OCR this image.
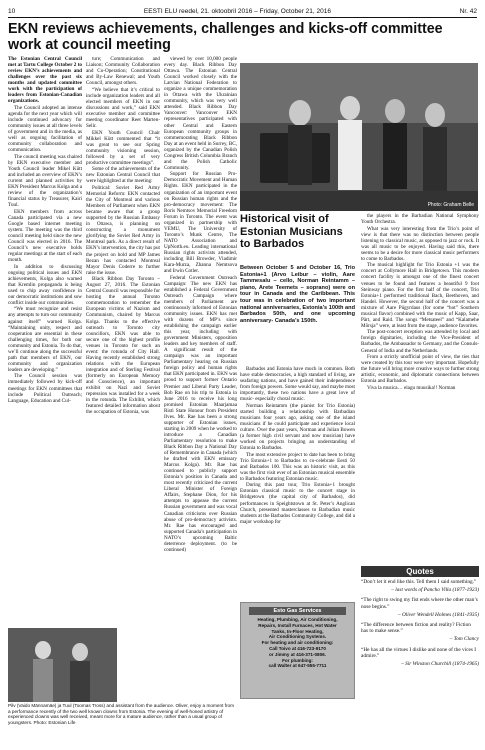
10	EESTI ELU reedel, 21. oktoobril 2016 – Friday, October 21, 2016	Nr. 42
EKN reviews achievements, challenges and kicks-off committee work at council meeting

The Estonian Central Council met at Tartu College October 2 to review EKN’s achievements and challenges over the past six months and updated committee work with the participation of leaders from Estonian-Canadian organizations.

The Council adopted an intense agenda for the next year which will include continued advocacy for community issues at all three levels of government and in the media, as well as ongoing facilitation of community collaboration and communication.

The council meeting was chaired by EKN executive member and Youth Council leader Mikel Kütt and included an overview of EKN’s current and planned activities by EKN President Marcus Kolga and a review of the organization’s financial status by Treasurer, Kairi Tuul.

EKN members from across Canada participated via a new Google based internet meeting system. The meeting was the third council meeting held since the new Council was elected in 2016. The Council’s new executive holds regular meetings at the start of each month.

In addition to discussing ongoing political issues and EKN achievements, Kolga also warned that Kremlin propaganda is being used to chip away confidence in our democratic institutions and sow conflict inside our communities.

“We must recognize and resist any attempts to turn our community against itself” warned Kolga. “Maintaining unity, respect and cooperation are essential in these challenging times, for both our community and Estonia. To do that, we’ll continue along the successful path that members of EKN, our community and organization leaders are developing.”

The Council session was immediately followed by kick-off meetings for EKN committees that include Political Outreach; Language, Education and Cul-

ture; Communication and Liaison; Community Collaboration and Co-Operation; Constitutional and By-Law Renewal; and Youth Council, amongst others.

“We believe that it’s critical to include organization leaders and all elected members of EKN in our discussions and work,” said EKN executive member and committee meeting coordinator Reet Marten-Selir.

EKN Youth Council Chair Mikkel Kütt commented that “it was great to see our Spring community visioning session, followed by a set of very productive committee meetings”.

Some of the achievements of the new Estonian Central Council that were highlighted at the meeting:

Political: Soviet Red Army Memorial Reform: EKN contacted the City of Montreal and various Members of Parliament when EKN became aware that a group supported by the Russian Embassy in Ottawa, is planning on constructing a monument glorifying the Soviet Red Army in Montreal park. As a direct result of EKN’s intervention, the city has put the project on hold and MP James Bezan has contacted Montreal Mayor Denis Coderre to further raise the issue.

Black Ribbon Day Toronto – August 27, 2016. The Estonian Central Council was responsible for hosting the annual Toronto commemoration to remember the European victims of Nazism and Communism, chaired by Marcus Kolga. Thanks to the effective outreach to Toronto city councillors, EKN was able to secure one of the highest profile venues in Toronto for such an event: the rotunda of City Hall. Having recently established strong relations with the European integration and of Sterling Festival (formerly on European Memory and Conscience), an important exhibit on Nazi and Soviet repression was installed for a week in the rotunda. The Exhibit, which featured detailed information about the occupation of Estonia, was

viewed by over 10,000 people every day. Black Ribbon Day Ottawa. The Estonian Central Council worked closely with the Latvian National Federation to organize a unique commemoration in Ottawa with the Ukrainian community, which was very well attended. Black Ribbon Day Vancouver: Vancouver EKN representatives participated with other Central and Eastern European community groups in commemorating Black Ribbon Day at an event held in Surrey, BC, organized by the Canadian Polish Congress British Columbia Branch and the Polish Catholic Community.

Support for Russian Pro-Democratic Movement and Human Rights. EKN participated in the organization of an important event on Russian human rights and the pro-democracy movement: The Boris Nemtsov Memorial Freedom Forum in Toronto. The event was organized in partnership with VEMU, The University of Toronto’s Munk Centre, The NATO Association and UpNorth.eu. Leading international Russian rights activists attended, including Bill Browder, Vladimir Kara-Murza, Zhanna Nemtsova and Irwin Cotler.

Federal Government Outreach Campaign: The new EKN has established a Federal Government Outreach Campaign where members of Parliament are continuously informed of Estonian community issues. EKN has met with dozens of MP’s since establishing the campaign earlier this year, including with government Ministers, opposition leaders and key members of staff. A significant result of the campaign was an important Parliamentary hearing on Russian foreign policy and human rights that EKN participated in. EKN was proud to support former Ontario Premier and Liberal Party Leader, Bob Rae on his trip to Estonia in June 2016 to receive his long promised Estonian Maarjamaa Risti State Honour from President Ilves. Mr. Rae has been a strong supporter of Estonian issues, starting in 2009 when he worked to introduce a Canadian Parliamentary resolution to make Black Ribbon Day a National Day of Remembrance in Canada (which he drafted with EKN emissary Marcus Kolga). Mr. Rae has continued to publicly support Estonia’s position in Canada and most recently criticized the current Liberal Minister of Foreign Affairs, Stephane Dion, for his attempts to appease the current Russian government and was vocal Canadian criticisms over Russian abuse of pro-democracy activists. Mr. Rae has encouraged and supported Canada’s participation in NATO’s upcoming Baltic deterrence deployment. (to be continued)

Photo: Graham Belle
Historical visit of Estonian Musicians to Barbados
Between October 5 and October 16, Trio Estonia+1 (Arvo Leibur – violin, Aare Tammesalu – cello, Norman Reintamm – piano, Arete Teemets – soprano) were on tour in Canada and the Caribbean. This tour was in celebration of two important national anniversaries, Estonia’s 100th and Barbados 50th, and one upcoming anniversary- Canada’s 150th.

Barbados and Estonia have much in common. Both have stable democracies, a high standard of living, are seafaring nations, and have gained their independence from foreign powers. Some would say, and maybe most importantly, these two nations have a great love of music- especially choral music.

Norman Reintamm (the pianist for Trio Estonia) started building a relationship with Barbadian musicians four years ago, asking one of the island musicians if he could participate and experience local culture. Over the past years, Norman and Julian Bowen (a former high civil servant and now musician) have worked on projects bringing an understanding of Estonia to Barbados.

The most extensive project to date has been to bring Trio Estonia+1 to Barbados to co-celebrate Eesti 50 and Barbados 100. This was an historic visit, as this was the first visit ever of an Estonian musical ensemble to Barbados featuring Estonian music.

During this past tour, Trio Estonia+1 brought Estonian classical music to the concert stage in Bridgetown (the capital city of Barbados), did performances in Speightstown at St. Peter’s Anglican Church, presented masterclasses to Barbadian music students at the Barbados Community College, and did a major workshop for

the players in the Barbadian National Symphony Youth Orchestra.

What was very interesting from the Trio’s point of view is that there was no distinction between people listening to classical music, as opposed to jazz or rock. It was all music to be enjoyed. Having said this, there seems to be a desire for more classical music performers to come to Barbados.

The musical highlight for Trio Estonia +1 was the concert at Collymore Hall in Bridgetown. This modern concert facility is amongst one of the finest concert venues to be found and features a beautiful 9 foot Steinway piano. For the first half of the concert, Trio Estonia+1 performed traditional Bach, Beethoven, and Handel. However, the second half of the concert was a mixture of Aare Pügyrdaus (for some “hot” Southern musical flavor) combined with the music of Kapp, Saar, Pärt, and Raid. The songs “Metsateel” and “Kalamehe Mõrsja” were, at least from the stage, audience favorites.

The post-concert reception was attended by local and foreign dignitaries, including the Vice-President of Barbados, the Ambassador to Germany, and the Consuls-General of India and the Netherlands.

From a strictly unofficial point of view, the ties that were created by this tour were very important. Hopefully the future will bring more creative ways to further strong artistic, economic, and diplomatic connections between Estonia and Barbados.

Viva la musica… elagu muusika!! Norman

Esto Gas Services
Heating, Plumbing, Air Conditioning,
Repairs, Install Furnaces, Hot Water
Tanks, In-Floor Heating,
Air Conditioning Systems.
For heating and air conditioning:
Call Toivo at 416-723-9170
or Jimmy at 416-371-0806.
For plumbing:
call Walter at 647-555-7711
Quotes
“Don’t let it end like this. Tell them I said something.”
– last words of Pancho Villa (1877-1923)
“The right to swing my fist ends where the other man’s nose begins.”
– Oliver Wendell Holmes (1841-1935)
“The difference between fiction and reality? Fiction has to make sense.”
– Tom Clancy
“He has all the virtues I dislike and none of the vices I admire.”
– Sir Winston Churchill (1874-1965)
Pilv (Vaido Männamäe) ja Tuul (Toomas Tross) and assistant from the audience. Oliver, enjoy a moment from a performance recently of the two well known clowns from Estonia. The evening of well-honed artistry of experienced clowns was well received, meant more for a mature audience, rather than a usual group of youngsters. Photo: Estonian Life
